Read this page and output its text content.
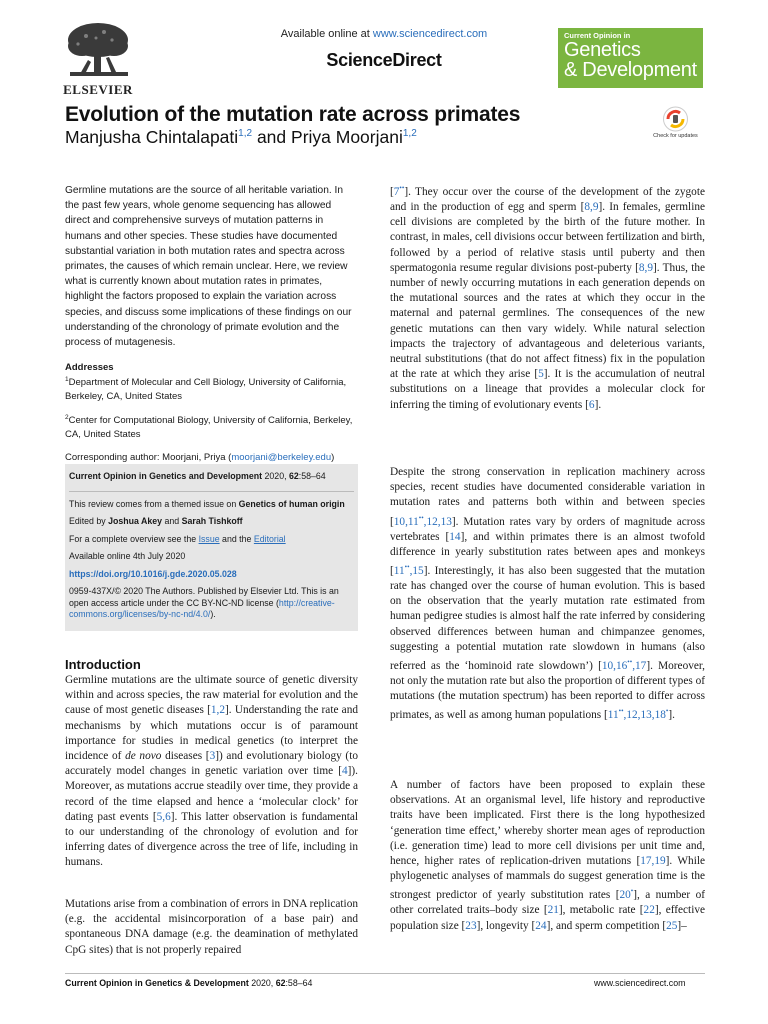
ELSEVIER
Available online at www.sciencedirect.com
ScienceDirect
Current Opinion in
Genetics
& Development
Evolution of the mutation rate across primates
Manjusha Chintalapati$^{1,2}$ and Priya Moorjani$^{1,2}$	Check for updates

Germline mutations are the source of all heritable variation. In the past few years, whole genome sequencing has allowed direct and comprehensive surveys of mutation patterns in humans and other species. These studies have documented substantial variation in both mutation rates and spectra across primates, the causes of which remain unclear. Here, we review what is currently known about mutation rates in primates, highlight the factors proposed to explain the variation across species, and discuss some implications of these findings on our understanding of the chronology of primate evolution and the process of mutagenesis.

Addresses

$^1$Department of Molecular and Cell Biology, University of California, Berkeley, CA, United States

$^2$Center for Computational Biology, University of California, Berkeley, CA, United States

Corresponding author: Moorjani, Priya (moorjani@berkeley.edu)
Current Opinion in Genetics and Development 2020, 62:58–64
This review comes from a themed issue on Genetics of human origin
Edited by Joshua Akey and Sarah Tishkoff
For a complete overview see the Issue and the Editorial
Available online 4th July 2020
https://doi.org/10.1016/j.gde.2020.05.028
0959-437X/© 2020 The Authors. Published by Elsevier Ltd. This is an open access article under the CC BY-NC-ND license (http://creative-commons.org/licenses/by-nc-nd/4.0/).
Introduction

Germline mutations are the ultimate source of genetic diversity within and across species, the raw material for evolution and the cause of most genetic diseases [1,2]. Understanding the rate and mechanisms by which mutations occur is of paramount importance for studies in medical genetics (to interpret the incidence of de novo diseases [3]) and evolutionary biology (to accurately model changes in genetic variation over time [4]). Moreover, as mutations accrue steadily over time, they provide a record of the time elapsed and hence a ‘molecular clock’ for dating past events [5,6]. This latter observation is fundamental to our understanding of the chronology of evolution and for inferring dates of divergence across the tree of life, including in humans.

Mutations arise from a combination of errors in DNA replication (e.g. the accidental misincorporation of a base pair) and spontaneous DNA damage (e.g. the deamination of methylated CpG sites) that is not properly repaired

[7••]. They occur over the course of the development of the zygote and in the production of egg and sperm [8,9]. In females, germline cell divisions are completed by the birth of the future mother. In contrast, in males, cell divisions occur between fertilization and birth, followed by a period of relative stasis until puberty and then spermatogonia resume regular divisions post-puberty [8,9]. Thus, the number of newly occurring mutations in each generation depends on the mutational sources and the rates at which they occur in the maternal and paternal germlines. The consequences of the new genetic mutations can then vary widely. While natural selection impacts the trajectory of advantageous and deleterious variants, neutral substitutions (that do not affect fitness) fix in the population at the rate at which they arise [5]. It is the accumulation of neutral substitutions on a lineage that provides a molecular clock for inferring the timing of evolutionary events [6].

Despite the strong conservation in replication machinery across species, recent studies have documented considerable variation in mutation rates and patterns both within and between species [10,11••,12,13]. Mutation rates vary by orders of magnitude across vertebrates [14], and within primates there is an almost twofold difference in yearly substitution rates between apes and monkeys [11••,15]. Interestingly, it has also been suggested that the mutation rate has changed over the course of human evolution. This is based on the observation that the yearly mutation rate estimated from human pedigree studies is almost half the rate inferred by considering observed differences between human and chimpanzee genomes, suggesting a potential mutation rate slowdown in humans (also referred as the ‘hominoid rate slowdown’) [10,16••,17]. Moreover, not only the mutation rate but also the proportion of different types of mutations (the mutation spectrum) has been reported to differ across primates, as well as among human populations [11••,12,13,18•].

A number of factors have been proposed to explain these observations. At an organismal level, life history and reproductive traits have been implicated. First there is the long hypothesized ‘generation time effect,’ whereby shorter mean ages of reproduction (i.e. generation time) lead to more cell divisions per unit time and, hence, higher rates of replication-driven mutations [17,19]. While phylogenetic analyses of mammals do suggest generation time is the strongest predictor of yearly substitution rates [20•], a number of other correlated traits–body size [21], metabolic rate [22], effective population size [23], longevity [24], and sperm competition [25]–

Current Opinion in Genetics & Development 2020, 62:58–64	www.sciencedirect.com
